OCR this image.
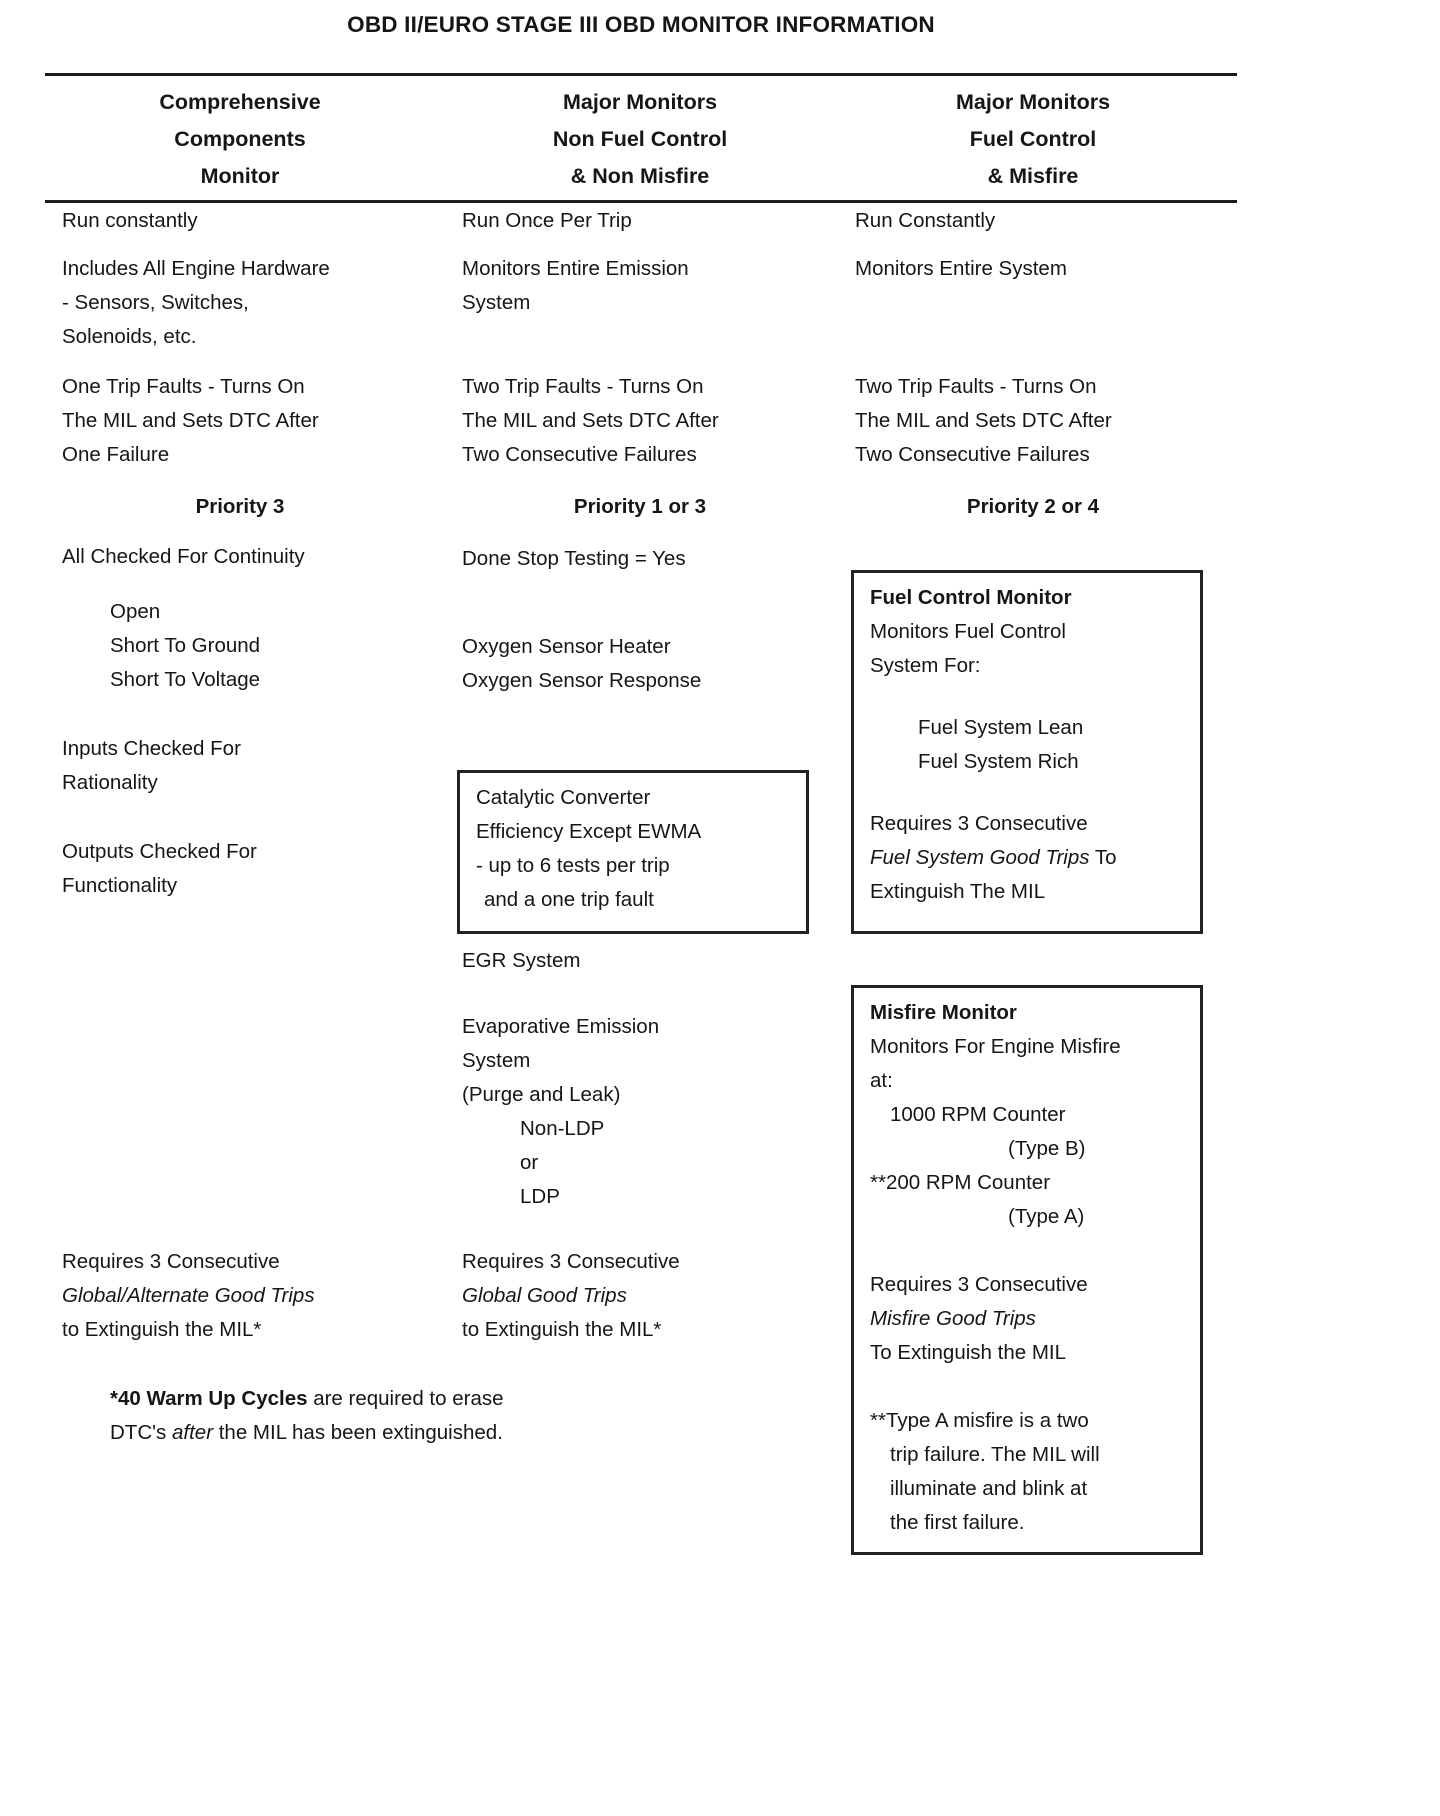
OBD II/EURO STAGE III OBD MONITOR INFORMATION
Comprehensive
Components
Monitor
Major Monitors
Non Fuel Control
& Non Misfire
Major Monitors
Fuel Control
& Misfire
Run constantly
Includes All Engine Hardware
- Sensors, Switches,
Solenoids, etc.
One Trip Faults - Turns On
The MIL and Sets DTC After
One Failure
Priority 3
All Checked For Continuity
Open
Short To Ground
Short To Voltage
Inputs Checked For
Rationality
Outputs Checked For
Functionality
Requires 3 Consecutive
Global/Alternate Good Trips
to Extinguish the MIL*
*40 Warm Up Cycles are required to erase
DTC's after the MIL has been extinguished.
Run Once Per Trip
Monitors Entire Emission
System
Two Trip Faults - Turns On
The MIL and Sets DTC After
Two Consecutive Failures
Priority 1 or 3
Done Stop Testing = Yes
Oxygen Sensor Heater
Oxygen Sensor Response
Catalytic Converter
Efficiency Except EWMA
- up to 6 tests per trip
and a one trip fault
EGR System
Evaporative Emission
System
(Purge and Leak)
Non-LDP
or
LDP
Requires 3 Consecutive
Global Good Trips
to Extinguish the MIL*
Run Constantly
Monitors Entire System
Two Trip Faults - Turns On
The MIL and Sets DTC After
Two Consecutive Failures
Priority 2 or 4
Fuel Control Monitor
Monitors Fuel Control
System For:
Fuel System Lean
Fuel System Rich
Requires 3 Consecutive
Fuel System Good Trips To
Extinguish The MIL
Misfire Monitor
Monitors For Engine Misfire
at:
1000 RPM Counter
(Type B)
**200 RPM Counter
(Type A)
Requires 3 Consecutive
Misfire Good Trips
To Extinguish the MIL
**Type A misfire is a two
trip failure. The MIL will
illuminate and blink at
the first failure.
